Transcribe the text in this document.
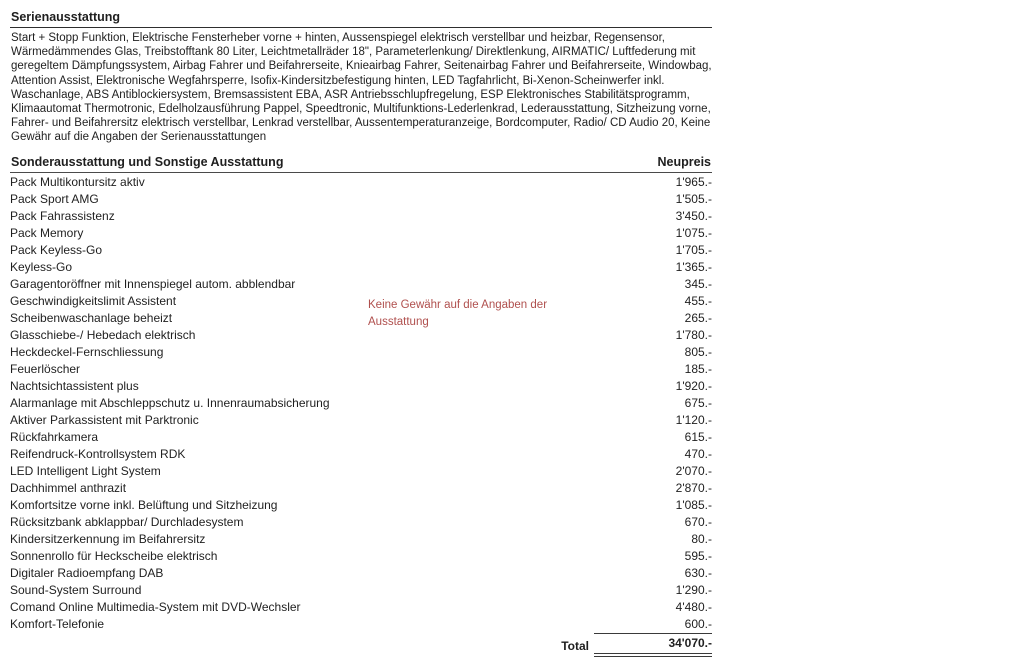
Serienausstattung

Start + Stopp Funktion, Elektrische Fensterheber vorne + hinten, Aussenspiegel elektrisch verstellbar und heizbar, Regensensor, Wärmedämmendes Glas, Treibstofftank 80 Liter, Leichtmetallräder 18", Parameterlenkung/ Direktlenkung, AIRMATIC/ Luftfederung mit geregeltem Dämpfungssystem, Airbag Fahrer und Beifahrerseite, Knieairbag Fahrer, Seitenairbag Fahrer und Beifahrerseite, Windowbag, Attention Assist, Elektronische Wegfahrsperre, Isofix-Kindersitzbefestigung hinten, LED Tagfahrlicht, Bi-Xenon-Scheinwerfer inkl. Waschanlage, ABS Antiblockiersystem, Bremsassistent EBA, ASR Antriebsschlupfregelung, ESP Elektronisches Stabilitätsprogramm, Klimaautomat Thermotronic, Edelholzausführung Pappel, Speedtronic, Multifunktions-Lederlenkrad, Lederausstattung, Sitzheizung vorne, Fahrer- und Beifahrersitz elektrisch verstellbar, Lenkrad verstellbar, Aussentemperaturanzeige, Bordcomputer, Radio/ CD Audio 20, Keine Gewähr auf die Angaben der Serienausstattungen

Sonderausstattung und Sonstige Ausstattung	Neupreis
Pack Multikontursitz aktiv	1'965.-
Pack Sport AMG	1'505.-
Pack Fahrassistenz	3'450.-
Pack Memory	1'075.-
Pack Keyless-Go	1'705.-
Keyless-Go	1'365.-
Garagentoröffner mit Innenspiegel autom. abblendbar	345.-
Geschwindigkeitslimit Assistent	455.-
Scheibenwaschanlage beheizt	265.-
Glasschiebe-/ Hebedach elektrisch	1'780.-
Heckdeckel-Fernschliessung	805.-
Feuerlöscher	185.-
Nachtsichtassistent plus	1'920.-
Alarmanlage mit Abschleppschutz u. Innenraumabsicherung	675.-
Aktiver Parkassistent mit Parktronic	1'120.-
Rückfahrkamera	615.-
Reifendruck-Kontrollsystem RDK	470.-
LED Intelligent Light System	2'070.-
Dachhimmel anthrazit	2'870.-
Komfortsitze vorne inkl. Belüftung und Sitzheizung	1'085.-
Rücksitzbank abklappbar/ Durchladesystem	670.-
Kindersitzerkennung im Beifahrersitz	80.-
Sonnenrollo für Heckscheibe elektrisch	595.-
Digitaler Radioempfang DAB	630.-
Sound-System Surround	1'290.-
Comand Online Multimedia-System mit DVD-Wechsler	4'480.-
Komfort-Telefonie	600.-
Total	34'070.-
Keine Gewähr auf die Angaben der Ausstattung
